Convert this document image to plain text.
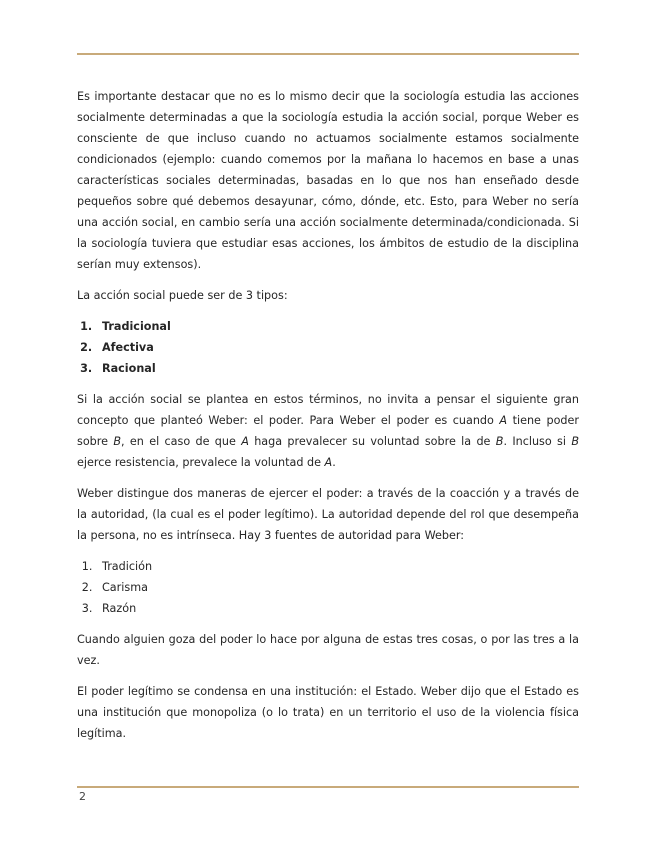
Es importante destacar que no es lo mismo decir que la sociología estudia las acciones socialmente determinadas a que la sociología estudia la acción social, porque Weber es consciente de que incluso cuando no actuamos socialmente estamos socialmente condicionados (ejemplo: cuando comemos por la mañana lo hacemos en base a unas características sociales determinadas, basadas en lo que nos han enseñado desde pequeños sobre qué debemos desayunar, cómo, dónde, etc. Esto, para Weber no sería una acción social, en cambio sería una acción socialmente determinada/condicionada. Si la sociología tuviera que estudiar esas acciones, los ámbitos de estudio de la disciplina serían muy extensos).

La acción social puede ser de 3 tipos:

1. Tradicional
2. Afectiva
3. Racional

Si la acción social se plantea en estos términos, no invita a pensar el siguiente gran concepto que planteó Weber: el poder. Para Weber el poder es cuando A tiene poder sobre B, en el caso de que A haga prevalecer su voluntad sobre la de B. Incluso si B ejerce resistencia, prevalece la voluntad de A.

Weber distingue dos maneras de ejercer el poder: a través de la coacción y a través de la autoridad, (la cual es el poder legítimo). La autoridad depende del rol que desempeña la persona, no es intrínseca. Hay 3 fuentes de autoridad para Weber:

1. Tradición
2. Carisma
3. Razón

Cuando alguien goza del poder lo hace por alguna de estas tres cosas, o por las tres a la vez.

El poder legítimo se condensa en una institución: el Estado. Weber dijo que el Estado es una institución que monopoliza (o lo trata) en un territorio el uso de la violencia física legítima.

2
